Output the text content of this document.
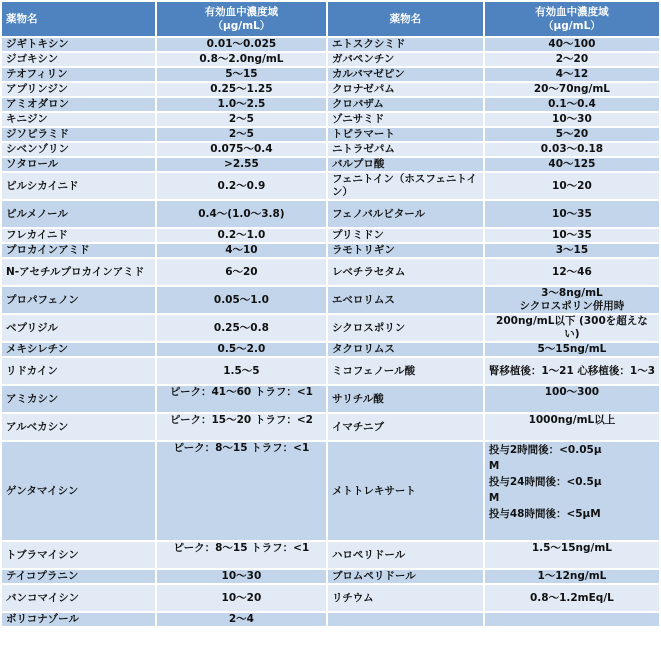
薬物名	有効血中濃度域
（μg/mL）	薬物名	有効血中濃度域
（μg/mL）
ジギトキシン	0.01～0.025	エトスクシミド	40～100
ジゴキシン	0.8～2.0ng/mL	ガバペンチン	2～20
テオフィリン	5～15	カルバマゼピン	4～12
アプリンジン	0.25～1.25	クロナゼパム	20～70ng/mL
アミオダロン	1.0～2.5	クロバザム	0.1～0.4
キニジン	2～5	ゾニサミド	10～30
ジソピラミド	2～5	トピラマート	5～20
シベンゾリン	0.075～0.4	ニトラゼパム	0.03～0.18
ソタロール	>2.55	バルプロ酸	40～125
ピルシカイニド	0.2～0.9	フェニトイン（ホスフェニトイン）	10～20
ピルメノール	0.4～(1.0～3.8)	フェノバルビタール	10～35
フレカイニド	0.2～1.0	プリミドン	10～35
プロカインアミド	4～10	ラモトリギン	3～15
N-アセチルプロカインアミド	6～20	レベチラセタム	12～46
プロパフェノン	0.05～1.0	エベロリムス	3～8ng/mL
シクロスポリン併用時
ベプリジル	0.25～0.8	シクロスポリン	200ng/mL以下 (300を超えない)
メキシレチン	0.5～2.0	タクロリムス	5～15ng/mL
リドカイン	1.5～5	ミコフェノール酸	腎移植後：1～21 心移植後：1～3
アミカシン	ピーク：41～60 トラフ：<1	サリチル酸	100～300
アルベカシン	ピーク：15～20 トラフ：<2	イマチニブ	1000ng/mL以上
ゲンタマイシン	ピーク：8～15 トラフ：<1	メトトレキサート	投与2時間後：<0.05μ
M
投与24時間後：<0.5μ
M
投与48時間後：<5μM
トブラマイシン	ピーク：8～15 トラフ：<1	ハロペリドール	1.5～15ng/mL
テイコプラニン	10～30	ブロムペリドール	1～12ng/mL
バンコマイシン	10～20	リチウム	0.8～1.2mEq/L
ボリコナゾール	2～4		
